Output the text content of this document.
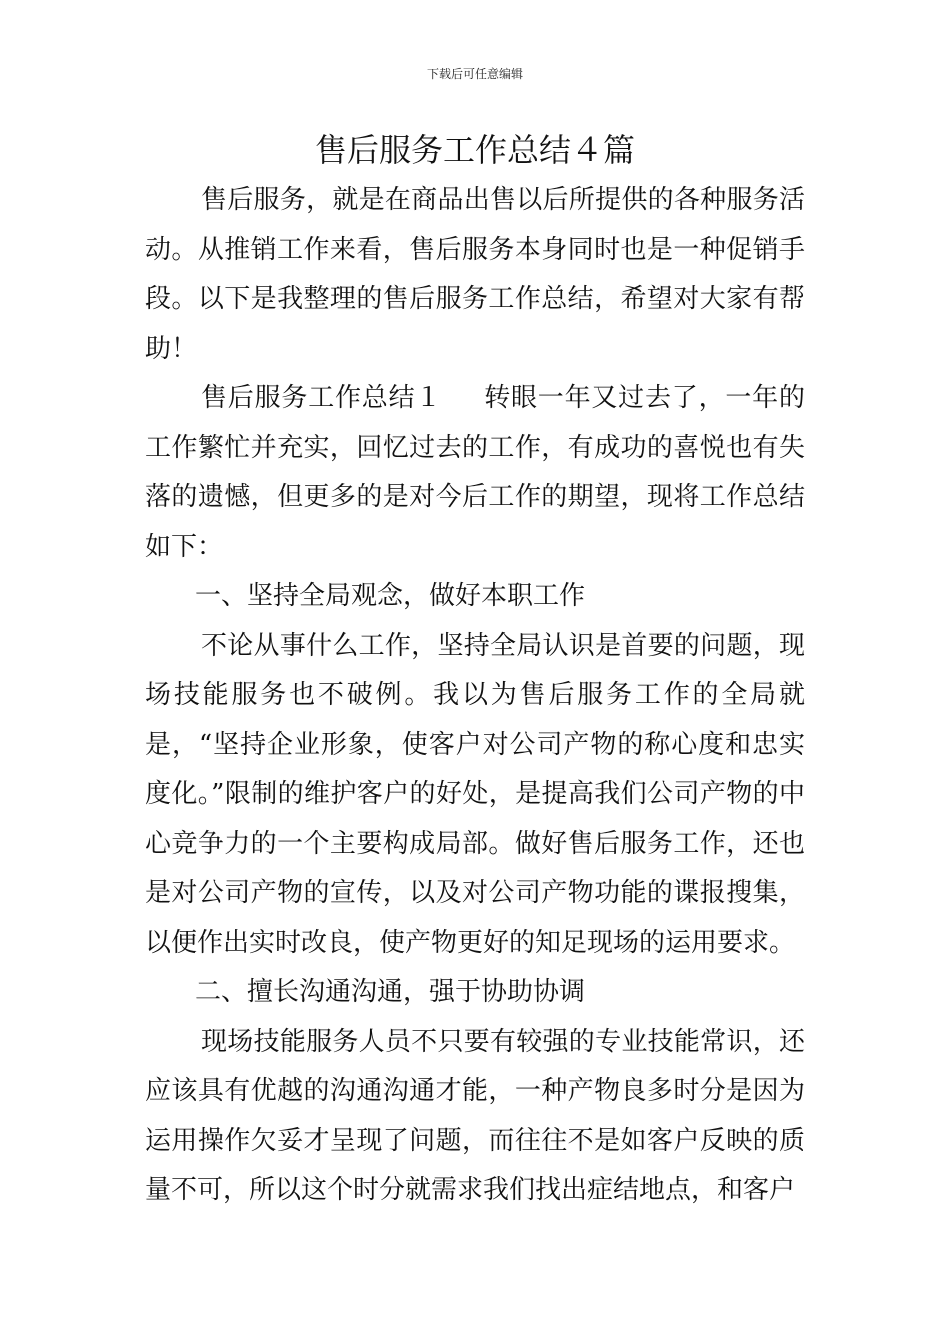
下载后可任意编辑
售后服务工作总结４篇

售后服务，就是在商品出售以后所提供的各种服务活动。从推销工作来看，售后服务本身同时也是一种促销手段。以下是我整理的售后服务工作总结，希望对大家有帮助！

售后服务工作总结１ 转眼一年又过去了，一年的工作繁忙并充实，回忆过去的工作，有成功的喜悦也有失落的遗憾，但更多的是对今后工作的期望，现将工作总结如下：

一、坚持全局观念，做好本职工作

不论从事什么工作，坚持全局认识是首要的问题，现场技能服务也不破例。我以为售后服务工作的全局就是，“坚持企业形象，使客户对公司产物的称心度和忠实度化。”限制的维护客户的好处，是提高我们公司产物的中心竞争力的一个主要构成局部。做好售后服务工作，还也是对公司产物的宣传，以及对公司产物功能的谍报搜集，以便作出实时改良，使产物更好的知足现场的运用要求。

二、擅长沟通沟通，强于协助协调

现场技能服务人员不只要有较强的专业技能常识，还应该具有优越的沟通沟通才能，一种产物良多时分是因为运用操作欠妥才呈现了问题，而往往不是如客户反映的质量不可，所以这个时分就需求我们找出症结地点，和客户
